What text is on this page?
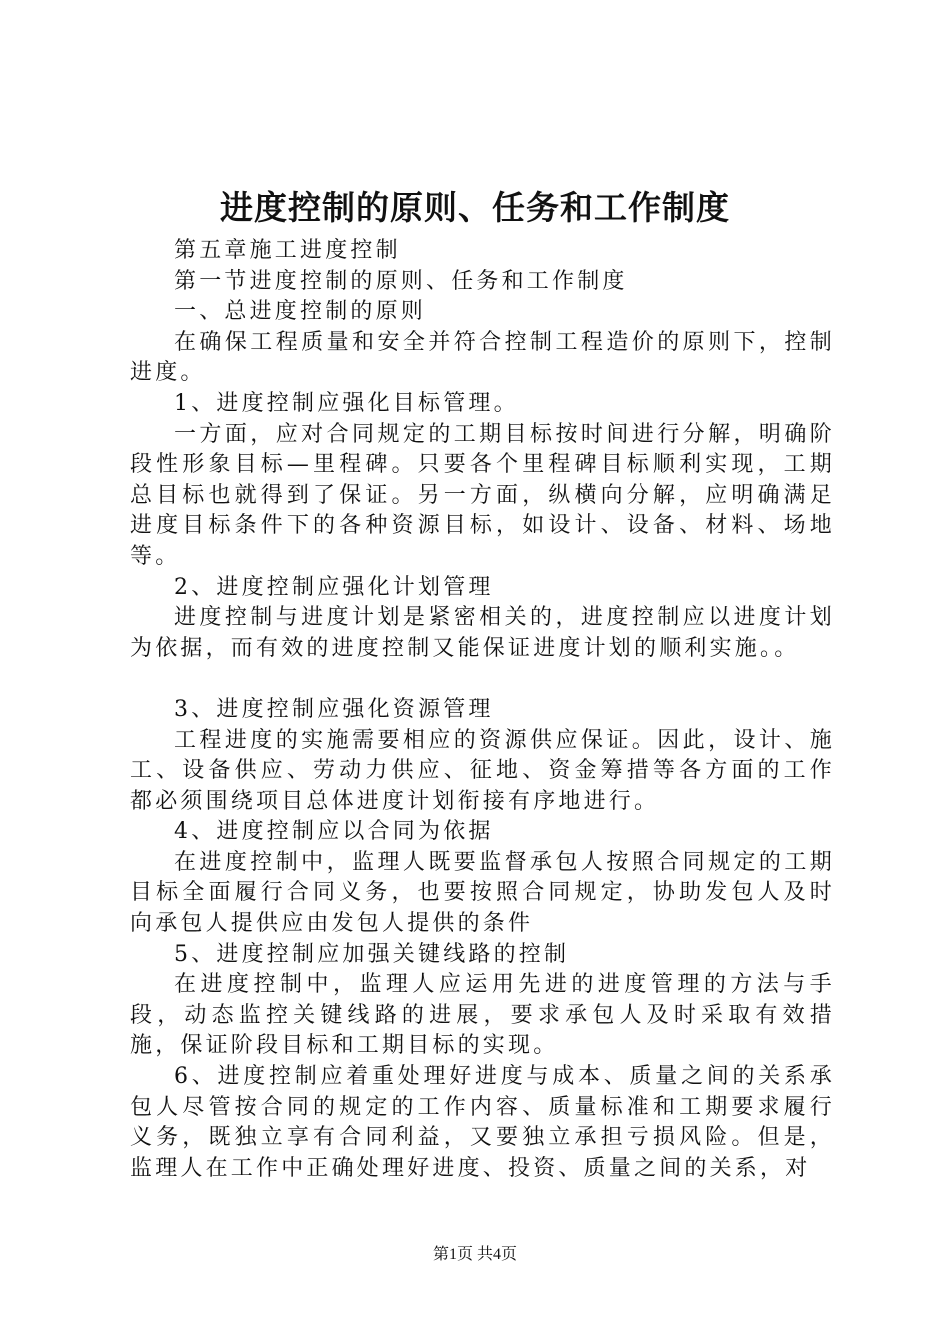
进度控制的原则、任务和工作制度

第五章施工进度控制

第一节进度控制的原则、任务和工作制度

一、总进度控制的原则

在确保工程质量和安全并符合控制工程造价的原则下，控制进度。

1、进度控制应强化目标管理。

一方面，应对合同规定的工期目标按时间进行分解，明确阶段性形象目标—里程碑。只要各个里程碑目标顺利实现，工期总目标也就得到了保证。另一方面，纵横向分解，应明确满足进度目标条件下的各种资源目标，如设计、设备、材料、场地等。

2、进度控制应强化计划管理

进度控制与进度计划是紧密相关的，进度控制应以进度计划为依据，而有效的进度控制又能保证进度计划的顺利实施。。

3、进度控制应强化资源管理

工程进度的实施需要相应的资源供应保证。因此，设计、施工、设备供应、劳动力供应、征地、资金筹措等各方面的工作都必须围绕项目总体进度计划衔接有序地进行。

4、进度控制应以合同为依据

在进度控制中，监理人既要监督承包人按照合同规定的工期目标全面履行合同义务，也要按照合同规定，协助发包人及时向承包人提供应由发包人提供的条件

5、进度控制应加强关键线路的控制

在进度控制中，监理人应运用先进的进度管理的方法与手段，动态监控关键线路的进展，要求承包人及时采取有效措施，保证阶段目标和工期目标的实现。

6、进度控制应着重处理好进度与成本、质量之间的关系承包人尽管按合同的规定的工作内容、质量标准和工期要求履行义务，既独立享有合同利益，又要独立承担亏损风险。但是，监理人在工作中正确处理好进度、投资、质量之间的关系，对

第1页 共4页
